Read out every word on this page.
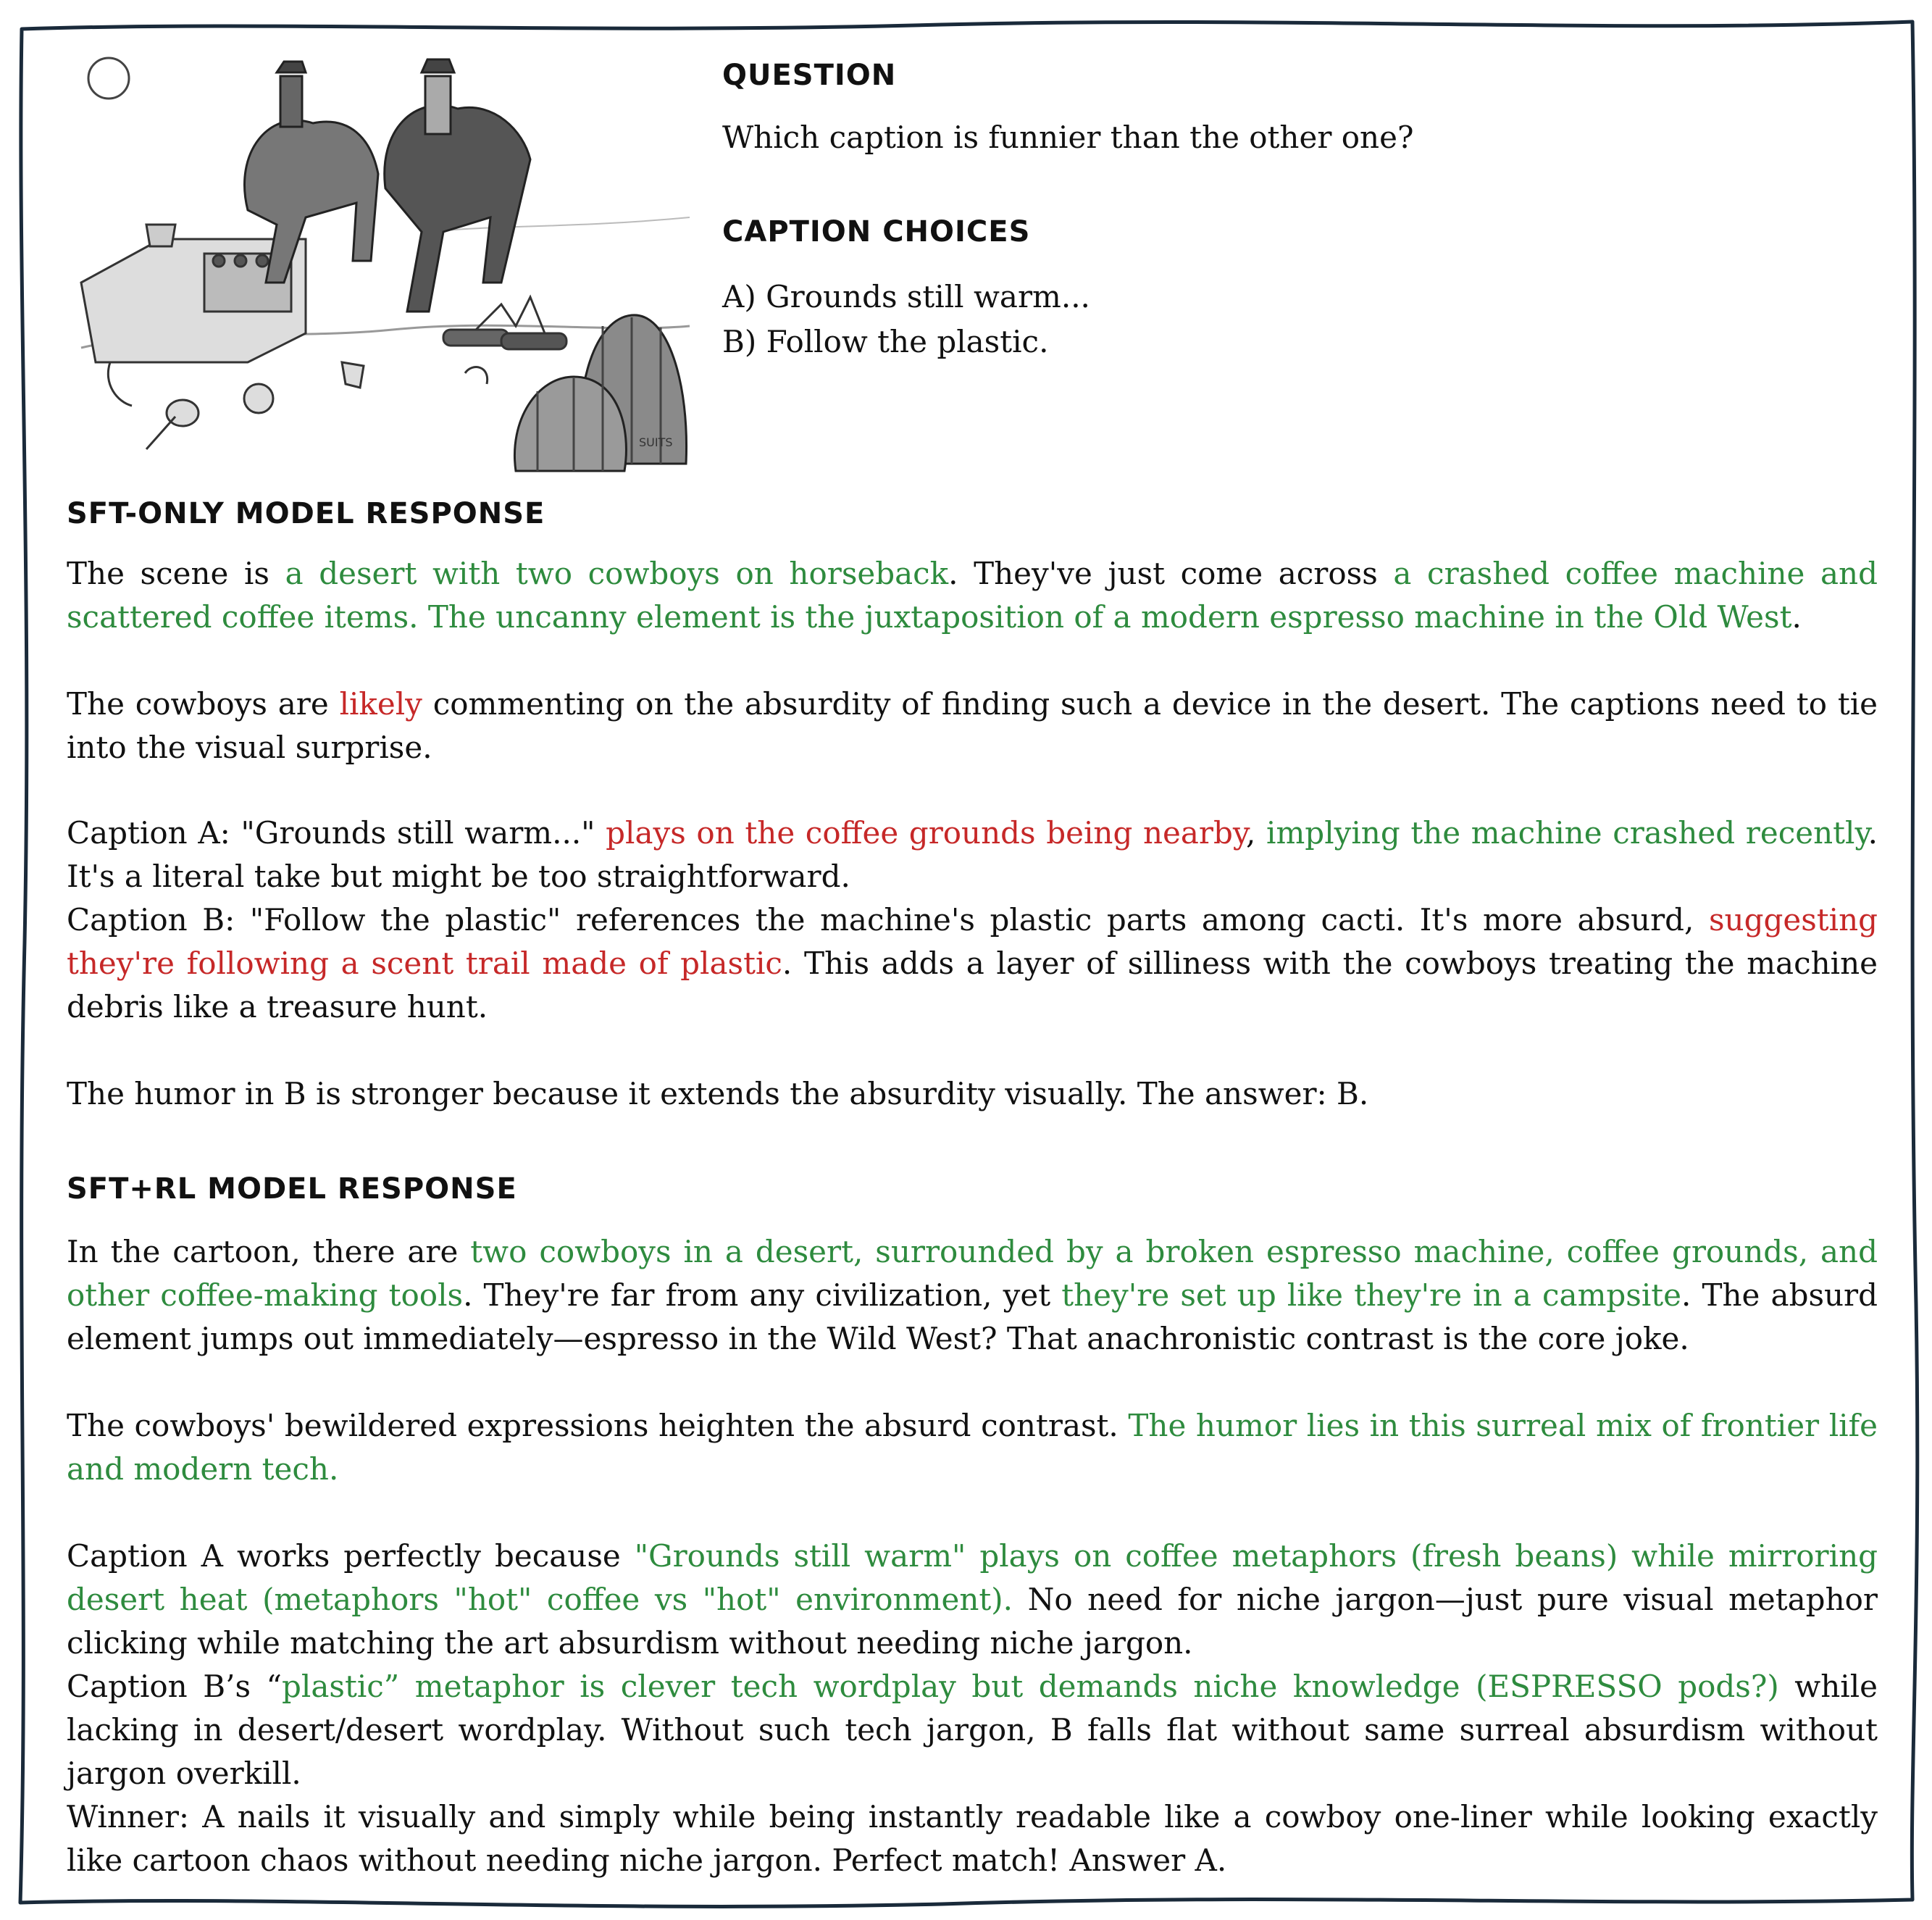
SUITS

QUESTION

Which caption is funnier than the other one?

CAPTION CHOICES

A) Grounds still warm...

B) Follow the plastic.

SFT-ONLY MODEL RESPONSE

The scene is a desert with two cowboys on horseback. They've just come across a crashed coffee machine and scattered coffee items. The uncanny element is the juxtaposition of a modern espresso machine in the Old West.

The cowboys are likely commenting on the absurdity of finding such a device in the desert. The captions need to tie into the visual surprise.

Caption A: "Grounds still warm..." plays on the coffee grounds being nearby, implying the machine crashed recently. It's a literal take but might be too straightforward.

Caption B: "Follow the plastic" references the machine's plastic parts among cacti. It's more absurd, suggesting they're following a scent trail made of plastic. This adds a layer of silliness with the cowboys treating the machine debris like a treasure hunt.

The humor in B is stronger because it extends the absurdity visually. The answer: B.

SFT+RL MODEL RESPONSE

In the cartoon, there are two cowboys in a desert, surrounded by a broken espresso machine, coffee grounds, and other coffee-making tools. They're far from any civilization, yet they're set up like they're in a campsite. The absurd element jumps out immediately—espresso in the Wild West? That anachronistic contrast is the core joke.

The cowboys' bewildered expressions heighten the absurd contrast. The humor lies in this surreal mix of frontier life and modern tech.

Caption A works perfectly because "Grounds still warm" plays on coffee metaphors (fresh beans) while mirroring desert heat (metaphors "hot" coffee vs "hot" environment). No need for niche jargon—just pure visual metaphor clicking while matching the art absurdism without needing niche jargon.

Caption B’s “plastic” metaphor is clever tech wordplay but demands niche knowledge (ESPRESSO pods?) while lacking in desert/desert wordplay. Without such tech jargon, B falls flat without same surreal absurdism without jargon overkill.

Winner: A nails it visually and simply while being instantly readable like a cowboy one-liner while looking exactly like cartoon chaos without needing niche jargon. Perfect match! Answer A.
